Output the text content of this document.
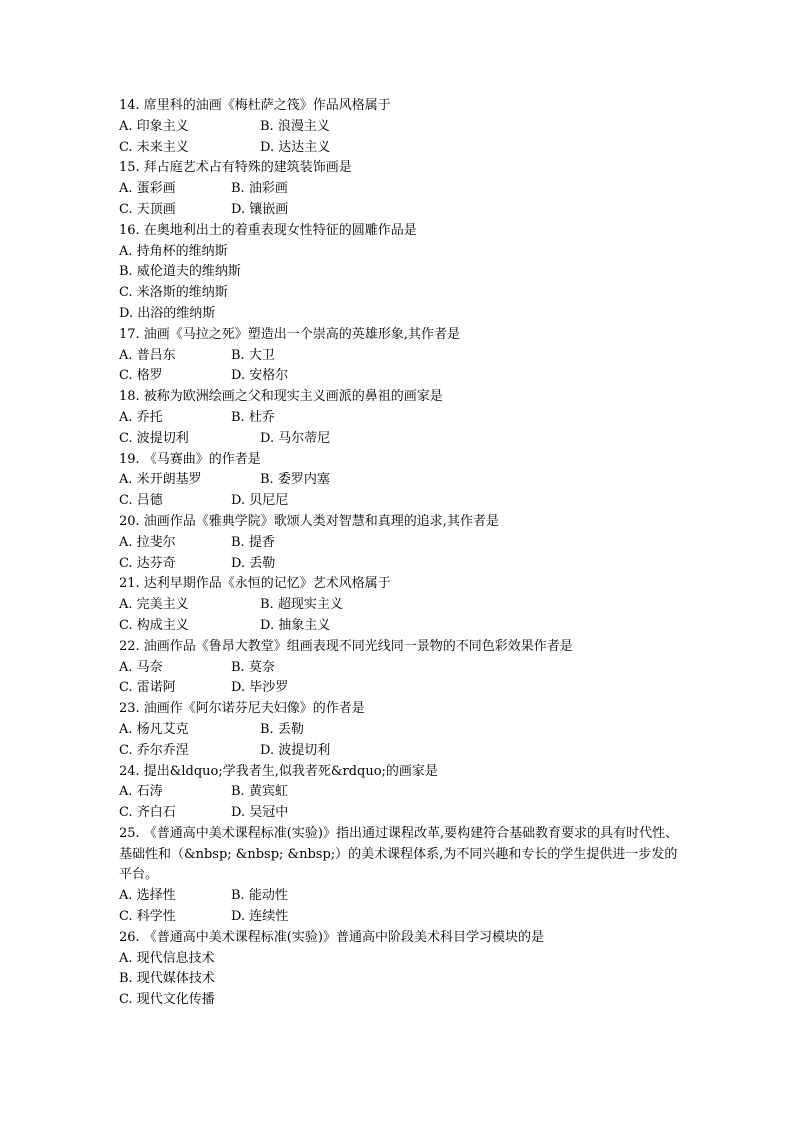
14. 席里科的油画《梅杜萨之筏》作品风格属于
A. 印象主义	B. 浪漫主义
C. 未来主义	D. 达达主义
15. 拜占庭艺术占有特殊的建筑装饰画是
A. 蛋彩画	B. 油彩画
C. 天顶画	D. 镶嵌画
16. 在奥地利出土的着重表现女性特征的圆雕作品是
A. 持角杯的维纳斯
B. 威伦道夫的维纳斯
C. 米洛斯的维纳斯
D. 出浴的维纳斯
17. 油画《马拉之死》塑造出一个崇高的英雄形象,其作者是
A. 普吕东	B. 大卫
C. 格罗	D. 安格尔
18. 被称为欧洲绘画之父和现实主义画派的鼻祖的画家是
A. 乔托	B. 杜乔
C. 波提切利	D. 马尔蒂尼
19. 《马赛曲》的作者是
A. 米开朗基罗	B. 委罗内塞
C. 吕德	D. 贝尼尼
20. 油画作品《雅典学院》歌颂人类对智慧和真理的追求,其作者是
A. 拉斐尔	B. 提香
C. 达芬奇	D. 丢勒
21. 达利早期作品《永恒的记忆》艺术风格属于
A. 完美主义	B. 超现实主义
C. 构成主义	D. 抽象主义
22. 油画作品《鲁昂大教堂》组画表现不同光线同一景物的不同色彩效果作者是
A. 马奈	B. 莫奈
C. 雷诺阿	D. 毕沙罗
23. 油画作《阿尔诺芬尼夫妇像》的作者是
A. 杨凡艾克	B. 丢勒
C. 乔尔乔涅	D. 波提切利
24. 提出&ldquo;学我者生,似我者死&rdquo;的画家是
A. 石涛	B. 黄宾虹
C. 齐白石	D. 吴冠中
25. 《普通高中美术课程标准(实验)》指出通过课程改革,要构建符合基础教育要求的具有时代性、基础性和（&nbsp; &nbsp; &nbsp;）的美术课程体系,为不同兴趣和专长的学生提供进一步发的平台。
A. 选择性	B. 能动性
C. 科学性	D. 连续性
26. 《普通高中美术课程标准(实验)》普通高中阶段美术科目学习模块的是
A. 现代信息技术
B. 现代媒体技术
C. 现代文化传播
